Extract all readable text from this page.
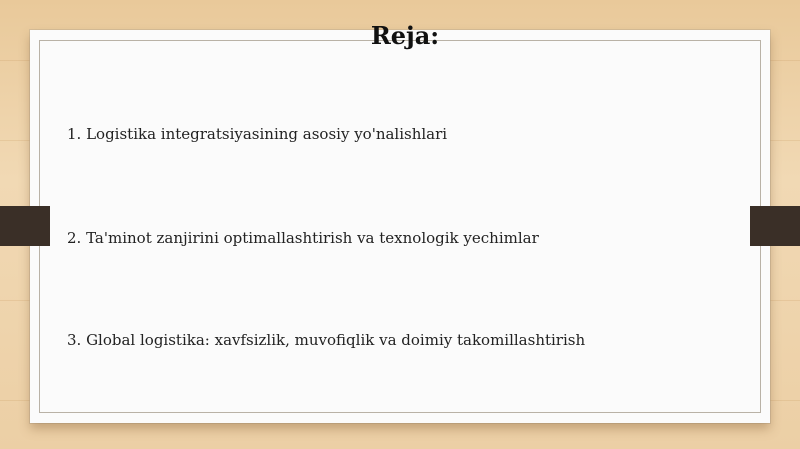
Reja:
1. Logistika integratsiyasining asosiy yo'nalishlari
2. Ta'minot zanjirini optimallashtirish va texnologik yechimlar
3. Global logistika: xavfsizlik, muvofiqlik va doimiy takomillashtirish
